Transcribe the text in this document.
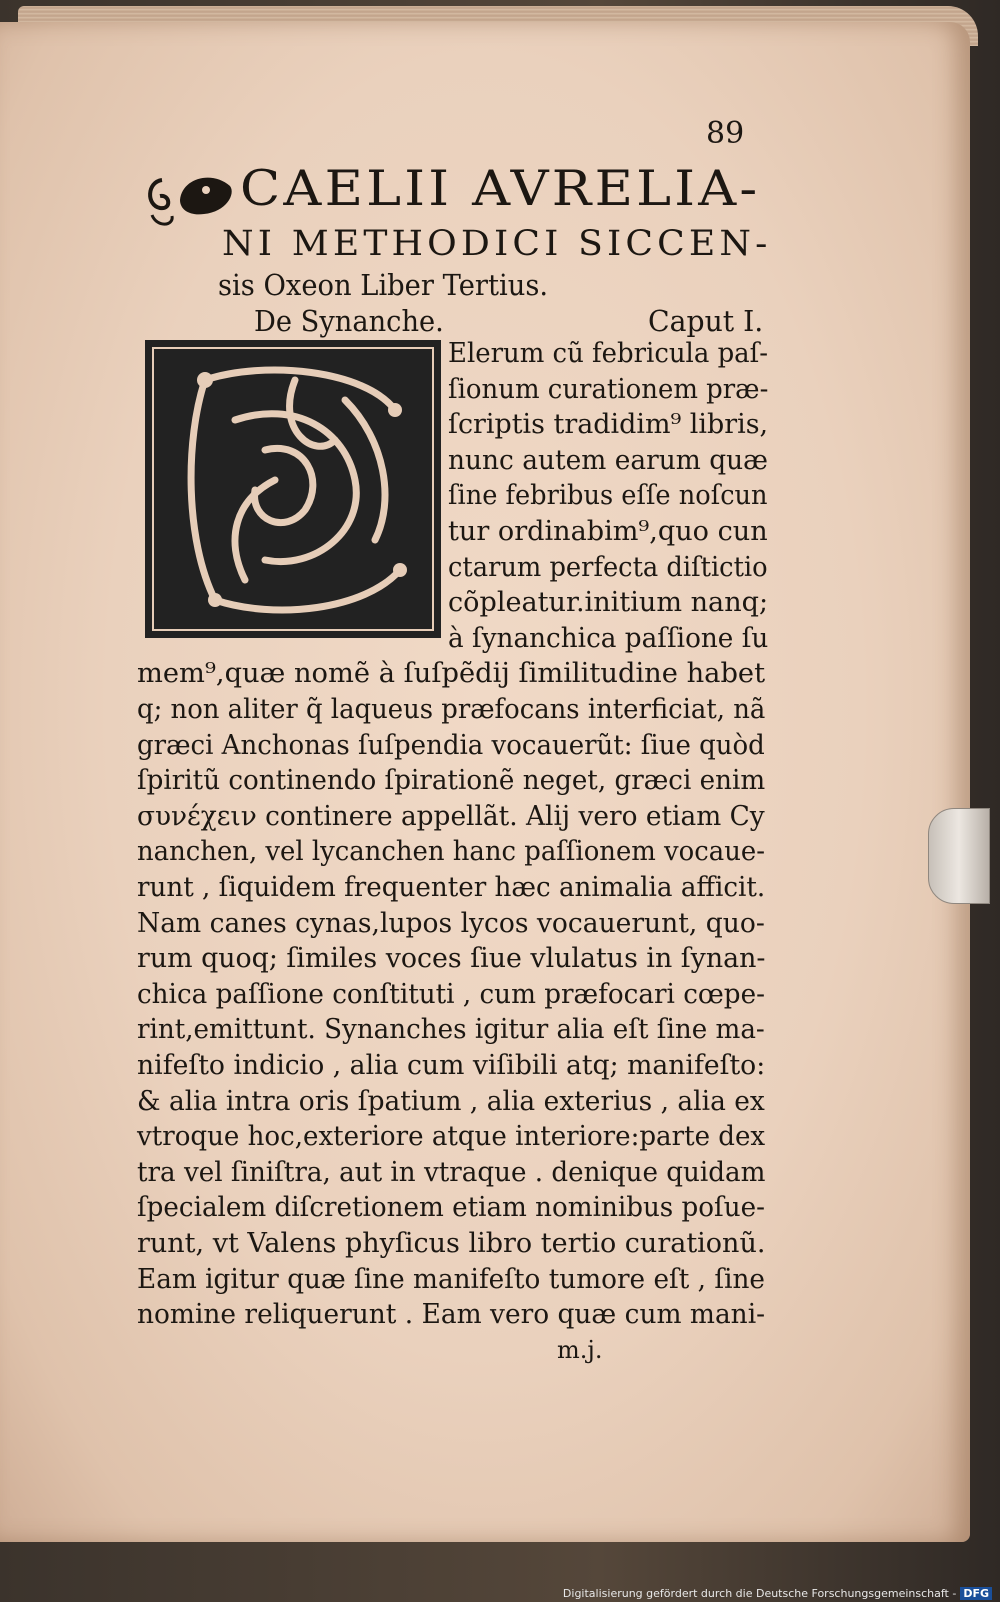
89
CAELII AVRELIA-
NI METHODICI SICCEN-
sis Oxeon Liber Tertius.
De Synanche.	Caput I.
Elerum cũ febricula paſ-
ſionum curationem præ-
ſcriptis tradidim⁹ libris,
nunc autem earum quæ
ſine febribus eſſe noſcun
tur ordinabim⁹,quo cun
ctarum perfecta diſtictio
cõpleatur.initium nanq;
à ſynanchica paſſione ſu
mem⁹,quæ nomẽ à ſuſpẽdij ſimilitudine habet
q; non aliter q̃ laqueus præfocans interficiat, nã
græci Anchonas ſuſpendia vocauerũt: ſiue quòd
ſpiritũ continendo ſpirationẽ neget, græci enim
συνέχειν continere appellãt. Alij vero etiam Cy
nanchen, vel lycanchen hanc paſſionem vocaue-
runt , ſiquidem frequenter hæc animalia afficit.
Nam canes cynas,lupos lycos vocauerunt, quo-
rum quoq; ſimiles voces ſiue vlulatus in ſynan-
chica paſſione conſtituti , cum præfocari cœpe-
rint,emittunt. Synanches igitur alia eſt ſine ma-
nifeſto indicio , alia cum viſibili atq; manifeſto:
& alia intra oris ſpatium , alia exterius , alia ex
vtroque hoc,exteriore atque interiore:parte dex
tra vel ſiniſtra, aut in vtraque . denique quidam
ſpecialem diſcretionem etiam nominibus poſue-
runt, vt Valens phyſicus libro tertio curationũ.
Eam igitur quæ ſine manifeſto tumore eſt , ſine
nomine reliquerunt . Eam vero quæ cum mani-
m.j.
Digitalisierung gefördert durch die Deutsche Forschungsgemeinschaft - DFG
